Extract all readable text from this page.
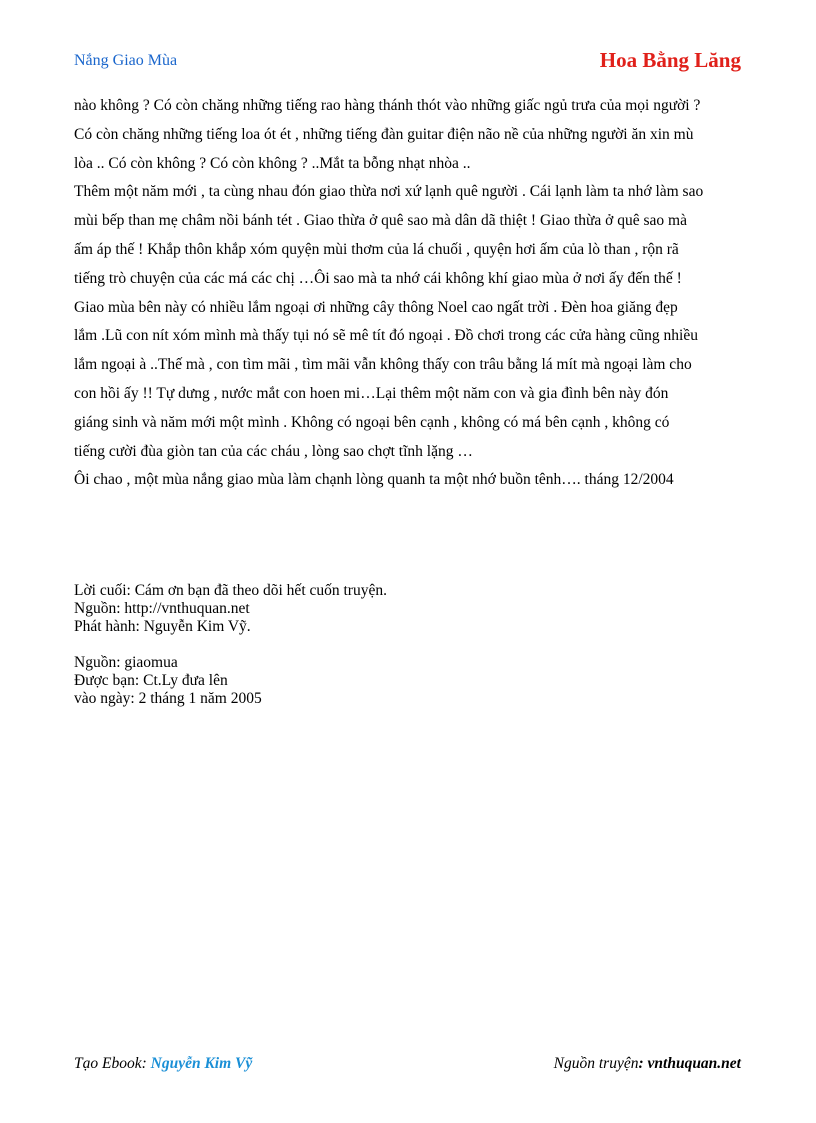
Nắng Giao Mùa	Hoa Bằng Lăng
nào không ? Có còn chăng những tiếng rao hàng thánh thót vào những giấc ngủ trưa của mọi người ?
Có còn chăng những tiếng loa ót ét , những tiếng đàn guitar điện não nề của những người ăn xin mù
lòa .. Có còn không ? Có còn không ? ..Mắt ta bỗng nhạt nhòa ..
Thêm một năm mới , ta cùng nhau đón giao thừa nơi xứ lạnh quê người . Cái lạnh làm ta nhớ làm sao
mùi bếp than mẹ châm nồi bánh tét . Giao thừa ở quê sao mà dân dã thiệt ! Giao thừa ở quê sao mà
ấm áp thế ! Khắp thôn khắp xóm quyện mùi thơm của lá chuối , quyện hơi ấm của lò than , rộn rã
tiếng trò chuyện của các má các chị …Ôi sao mà ta nhớ cái không khí giao mùa ở nơi ấy đến thế !
Giao mùa bên này có nhiều lắm ngoại ơi những cây thông Noel cao ngất trời . Đèn hoa giăng đẹp
lắm .Lũ con nít xóm mình mà thấy tụi nó sẽ mê tít đó ngoại . Đồ chơi trong các cửa hàng cũng nhiều
lắm ngoại à ..Thế mà , con tìm mãi , tìm mãi vẫn không thấy con trâu bằng lá mít mà ngoại làm cho
con hồi ấy !! Tự dưng , nước mắt con hoen mi…Lại thêm một năm con và gia đình bên này đón
giáng sinh và năm mới một mình . Không có ngoại bên cạnh , không có má bên cạnh , không có
tiếng cười đùa giòn tan của các cháu , lòng sao chợt tĩnh lặng …
Ôi chao , một mùa nắng giao mùa làm chạnh lòng quanh ta một nhớ buồn tênh…. tháng 12/2004
Lời cuối: Cám ơn bạn đã theo dõi hết cuốn truyện.
Nguồn: http://vnthuquan.net
Phát hành: Nguyễn Kim Vỹ.
Nguồn: giaomua
Được bạn: Ct.Ly đưa lên
vào ngày: 2 tháng 1 năm 2005
Tạo Ebook: Nguyễn Kim Vỹ	Nguồn truyện: vnthuquan.net
